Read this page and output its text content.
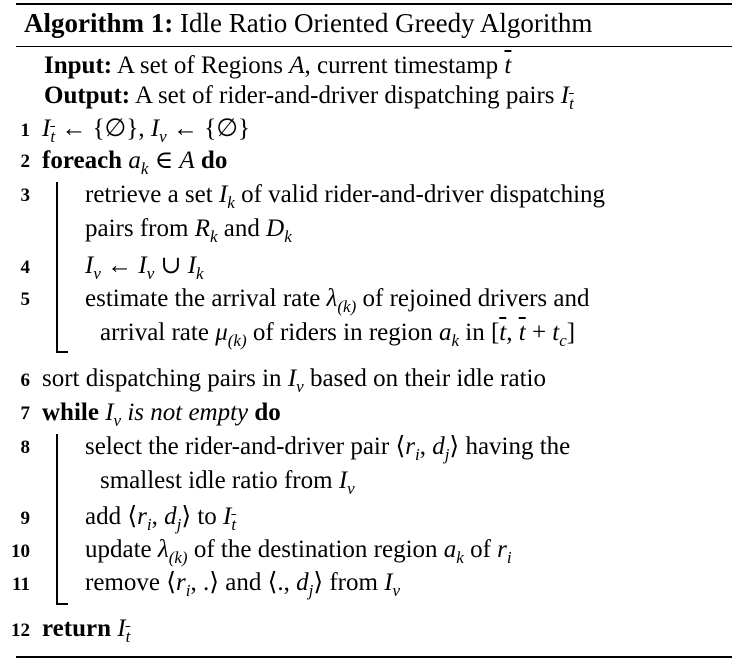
Algorithm 1: Idle Ratio Oriented Greedy Algorithm
Input: A set of Regions A, current timestamp $\overline{t}$
Output: A set of rider-and-driver dispatching pairs $I_{\overline{t}}$
1
2
3
4
5
6
7
8
9
10
11
12
$I_{\overline{t}}$ ← {∅}, $I_v$ ← {∅}
foreach $a_k$ ∈ A do
retrieve a set $I_k$ of valid rider-and-driver dispatching
pairs from $R_k$ and $D_k$
$I_v$ ← $I_v$ ∪ $I_k$
estimate the arrival rate $\lambda_{(k)}$ of rejoined drivers and
arrival rate $\mu_{(k)}$ of riders in region $a_k$ in [$\overline{t}$, $\overline{t} + t_c$]
sort dispatching pairs in $I_v$ based on their idle ratio
while $I_v$ is not empty do
select the rider-and-driver pair $⟨r_i$, $d_j⟩$ having the
smallest idle ratio from $I_v$
add $⟨r_i$, $d_j⟩$ to $I_{\overline{t}}$
update $\lambda_{(k)}$ of the destination region $a_k$ of $r_i$
remove $⟨r_i$, .⟩ and ⟨., $d_j⟩$ from $I_v$
return $I_{\overline{t}}$
